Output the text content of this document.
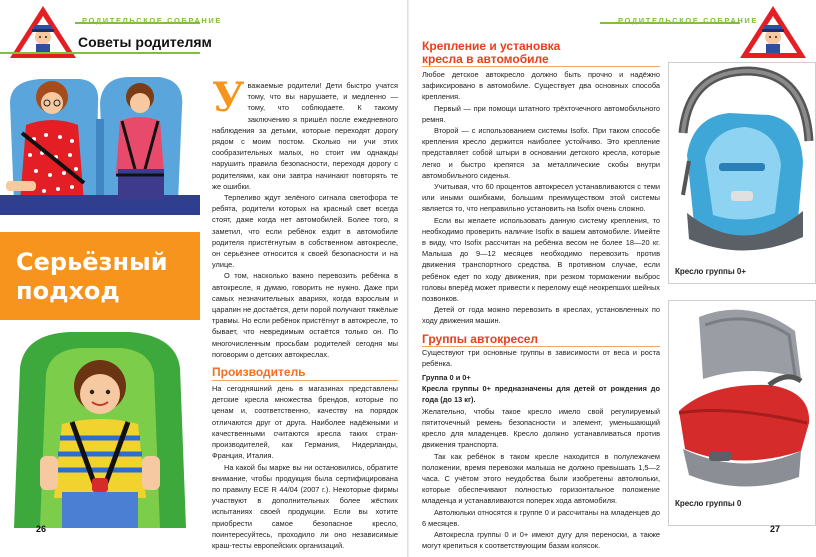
РОДИТЕЛЬСКОЕ СОБРАНИЕ
Советы родителям
Серьёзный подход
У важаемые родители! Дети быстро учатся тому, что вы нарушаете, и медленно — тому, что соблюдаете. К такому заключению я пришёл после ежедневного наблюдения за детьми, которые переходят дорогу рядом с моим постом. Сколько ни учи этих сообразительных малых, но стоит им однажды нарушить правила безопасности, переходя дорогу с родителями, как они завтра начинают повторять те же ошибки.

Терпеливо ждут зелёного сигнала светофора те ребята, родители которых на красный свет всегда стоят, даже когда нет автомобилей. Более того, я заметил, что если ребёнок ездит в автомобиле родителя пристёгнутым в собственном автокресле, он серьёзнее относится к своей безопасности и на улице.

О том, насколько важно перевозить ребёнка в автокресле, я думаю, говорить не нужно. Даже при самых незначительных авариях, когда взрослым и царапин не достаётся, дети порой получают тяжёлые травмы. Но если ребёнок пристёгнут в автокресле, то бывает, что невредимым остаётся только он. По многочисленным просьбам родителей сегодня мы поговорим о детских автокреслах.

Производитель

На сегодняшний день в магазинах представлены детские кресла множества брендов, которые по ценам и, соответственно, качеству на порядок отличаются друг от друга. Наиболее надёжными и качественными считаются кресла таких стран-производителей, как Германия, Нидерланды, Франция, Италия.

На какой бы марке вы ни остановились, обратите внимание, чтобы продукция была сертифицирована по правилу ECE R 44/04 (2007 г.). Некоторые фирмы участвуют в дополнительных более жёстких испытаниях своей продукции. Если вы хотите приобрести самое безопасное кресло, поинтересуйтесь, проходило ли оно независимые краш-тесты европейских организаций.

26
РОДИТЕЛЬСКОЕ СОБРАНИЕ
Крепление и установка
кресла в автомобиле

Любое детское автокресло должно быть прочно и надёжно зафиксировано в автомобиле. Существует два основных способа крепления.

Первый — при помощи штатного трёхточечного автомобильного ремня.

Второй — с использованием системы Isofix. При таком способе крепления кресло держится наиболее устойчиво. Это крепление представляет собой штыри в основании детского кресла, которые легко и быстро крепятся за металлические скобы внутри автомобильного сиденья.

Учитывая, что 60 процентов автокресел устанавливаются с теми или иными ошибками, большим преимуществом этой системы является то, что неправильно установить на Isofix очень сложно.

Если вы желаете использовать данную систему крепления, то необходимо проверить наличие Isofix в вашем автомобиле. Имейте в виду, что Isofix рассчитан на ребёнка весом не более 18—20 кг. Малыша до 9—12 месяцев необходимо перевозить против движения транспортного средства. В противном случае, если ребёнок едет по ходу движения, при резком торможении выброс головы вперёд может привести к перелому ещё неокрепших шейных позвонков.

Детей от года можно перевозить в креслах, установленных по ходу движения машин.

Группы автокресел

Существуют три основные группы в зависимости от веса и роста ребёнка.

Группа 0 и 0+

Кресла группы 0+ предназначены для детей от рождения до года (до 13 кг).

Желательно, чтобы такое кресло имело свой регулируемый пятиточечный ремень безопасности и элемент, уменьшающий кресло для младенцев. Кресло должно устанавливаться против движения транспорта.

Так как ребёнок в таком кресле находится в полулежачем положении, время перевозки малыша не должно превышать 1,5—2 часа. С учётом этого неудобства были изобретены автолюльки, которые обеспечивают полностью горизонтальное положение младенца и устанавливаются поперек хода автомобиля.

Автолюльки относятся к группе 0 и рассчитаны на младенцев до 6 месяцев.

Автокресла группы 0 и 0+ имеют дугу для переноски, а также могут крепиться к соответствующим базам колясок.

Кресло группы 0+
Кресло группы 0
27
